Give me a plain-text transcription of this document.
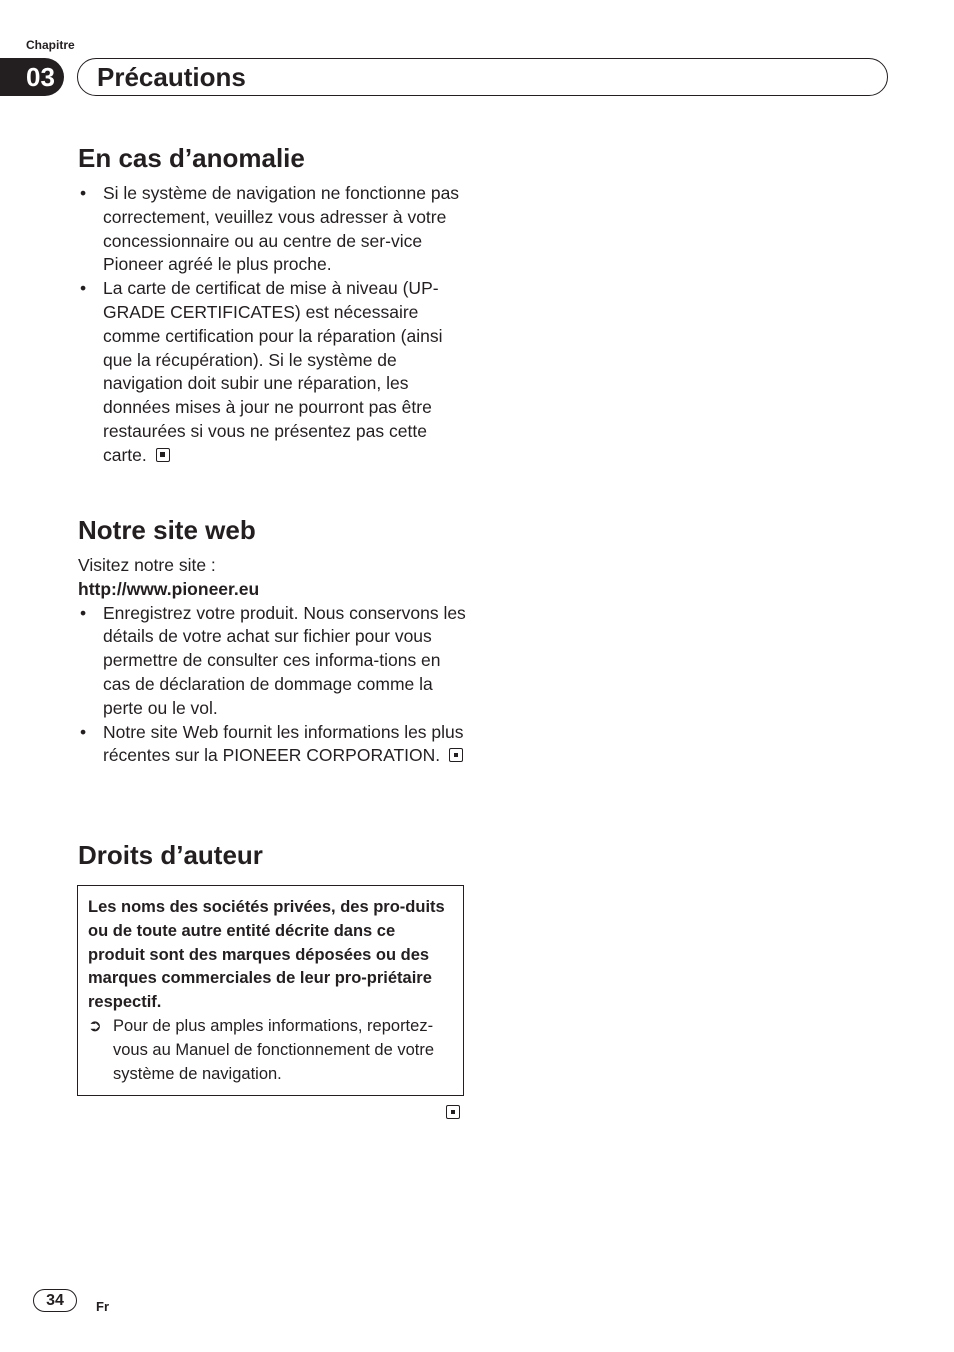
Chapitre
03	Précautions
En cas d’anomalie
• Si le système de navigation ne fonctionne pas correctement, veuillez vous adresser à votre concessionnaire ou au centre de ser-vice Pioneer agréé le plus proche.
• La carte de certificat de mise à niveau (UP-GRADE CERTIFICATES) est nécessaire comme certification pour la réparation (ainsi que la récupération). Si le système de navigation doit subir une réparation, les données mises à jour ne pourront pas être restaurées si vous ne présentez pas cette carte.
Notre site web

Visitez notre site :

http://www.pioneer.eu

• Enregistrez votre produit. Nous conservons les détails de votre achat sur fichier pour vous permettre de consulter ces informa-tions en cas de déclaration de dommage comme la perte ou le vol.
• Notre site Web fournit les informations les plus récentes sur la PIONEER CORPORATION.
Droits d’auteur

Les noms des sociétés privées, des pro-duits ou de toute autre entité décrite dans ce produit sont des marques déposées ou des marques commerciales de leur pro-priétaire respectif.

➲ Pour de plus amples informations, reportez-vous au Manuel de fonctionnement de votre système de navigation.

34	Fr
